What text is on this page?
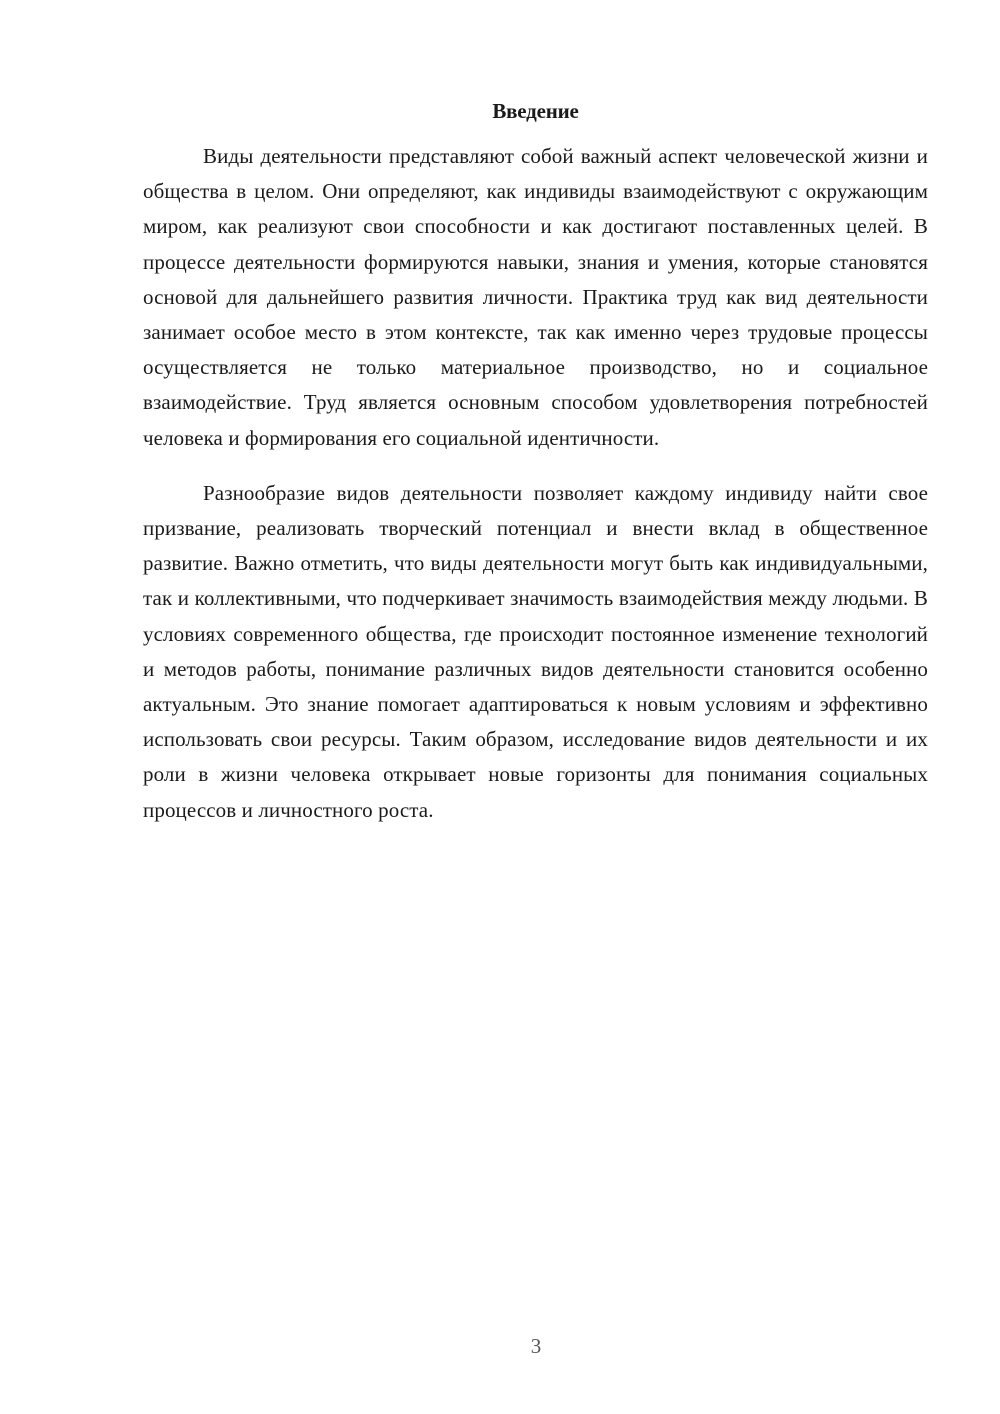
Введение

Виды деятельности представляют собой важный аспект человеческой жизни и общества в целом. Они определяют, как индивиды взаимодействуют с окружающим миром, как реализуют свои способности и как достигают поставленных целей. В процессе деятельности формируются навыки, знания и умения, которые становятся основой для дальнейшего развития личности. Практика труд как вид деятельности занимает особое место в этом контексте, так как именно через трудовые процессы осуществляется не только материальное производство, но и социальное взаимодействие. Труд является основным способом удовлетворения потребностей человека и формирования его социальной идентичности.

Разнообразие видов деятельности позволяет каждому индивиду найти свое призвание, реализовать творческий потенциал и внести вклад в общественное развитие. Важно отметить, что виды деятельности могут быть как индивидуальными, так и коллективными, что подчеркивает значимость взаимодействия между людьми. В условиях современного общества, где происходит постоянное изменение технологий и методов работы, понимание различных видов деятельности становится особенно актуальным. Это знание помогает адаптироваться к новым условиям и эффективно использовать свои ресурсы. Таким образом, исследование видов деятельности и их роли в жизни человека открывает новые горизонты для понимания социальных процессов и личностного роста.

3
